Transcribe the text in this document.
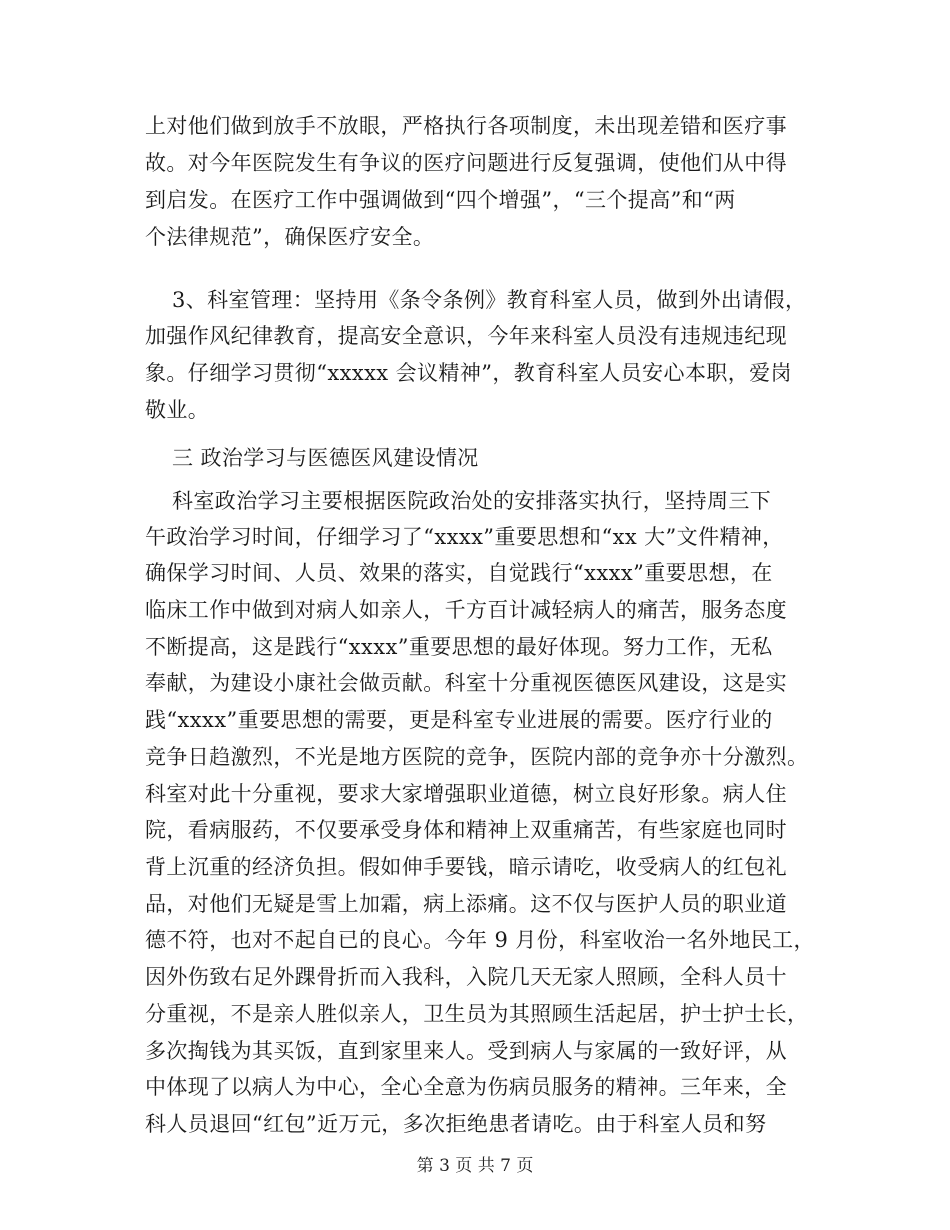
上对他们做到放手不放眼，严格执行各项制度，未出现差错和医疗事
故。对今年医院发生有争议的医疗问题进行反复强调，使他们从中得
到启发。在医疗工作中强调做到“四个增强”，“三个提高”和“两
个法律规范”，确保医疗安全。
3、科室管理：坚持用《条令条例》教育科室人员，做到外出请假，
加强作风纪律教育，提高安全意识，今年来科室人员没有违规违纪现
象。仔细学习贯彻“xxxxx 会议精神”，教育科室人员安心本职，爱岗
敬业。
三 政治学习与医德医风建设情况
科室政治学习主要根据医院政治处的安排落实执行，坚持周三下
午政治学习时间，仔细学习了“xxxx”重要思想和“xx 大”文件精神，
确保学习时间、人员、效果的落实，自觉践行“xxxx”重要思想，在
临床工作中做到对病人如亲人，千方百计减轻病人的痛苦，服务态度
不断提高，这是践行“xxxx”重要思想的最好体现。努力工作，无私
奉献，为建设小康社会做贡献。科室十分重视医德医风建设，这是实
践“xxxx”重要思想的需要，更是科室专业进展的需要。医疗行业的
竞争日趋激烈，不光是地方医院的竞争，医院内部的竞争亦十分激烈。
科室对此十分重视，要求大家增强职业道德，树立良好形象。病人住
院，看病服药，不仅要承受身体和精神上双重痛苦，有些家庭也同时
背上沉重的经济负担。假如伸手要钱，暗示请吃，收受病人的红包礼
品，对他们无疑是雪上加霜，病上添痛。这不仅与医护人员的职业道
德不符，也对不起自已的良心。今年 9 月份，科室收治一名外地民工，
因外伤致右足外踝骨折而入我科，入院几天无家人照顾，全科人员十
分重视，不是亲人胜似亲人，卫生员为其照顾生活起居，护士护士长，
多次掏钱为其买饭，直到家里来人。受到病人与家属的一致好评，从
中体现了以病人为中心，全心全意为伤病员服务的精神。三年来，全
科人员退回“红包”近万元，多次拒绝患者请吃。由于科室人员和努
第 3 页 共 7 页
